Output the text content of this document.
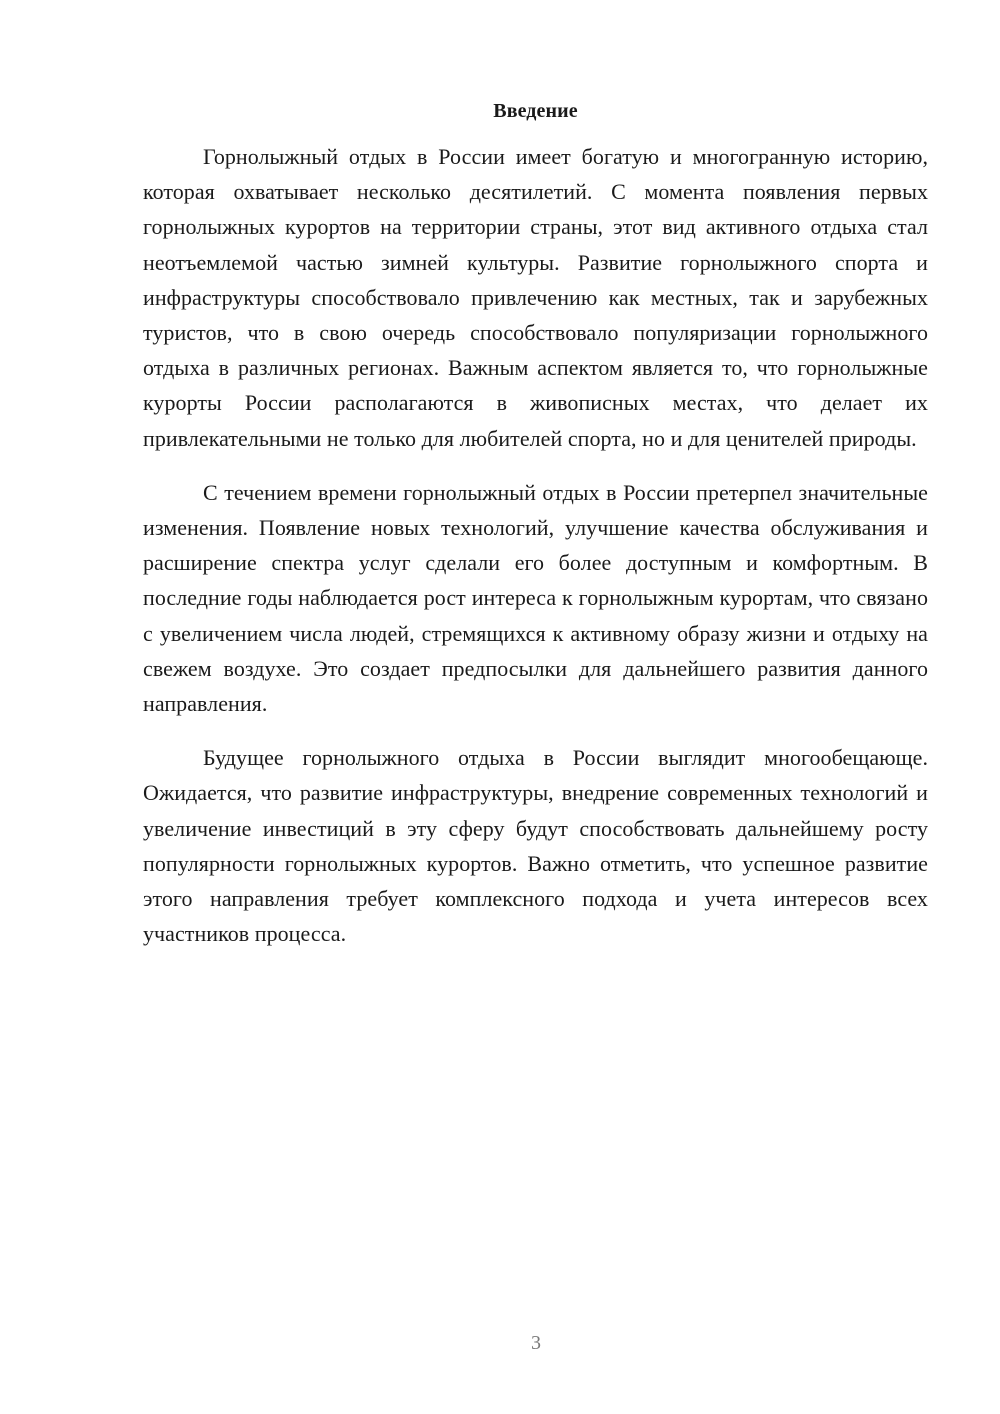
Введение

Горнолыжный отдых в России имеет богатую и многогранную историю, которая охватывает несколько десятилетий. С момента появления первых горнолыжных курортов на территории страны, этот вид активного отдыха стал неотъемлемой частью зимней культуры. Развитие горнолыжного спорта и инфраструктуры способствовало привлечению как местных, так и зарубежных туристов, что в свою очередь способствовало популяризации горнолыжного отдыха в различных регионах. Важным аспектом является то, что горнолыжные курорты России располагаются в живописных местах, что делает их привлекательными не только для любителей спорта, но и для ценителей природы.

С течением времени горнолыжный отдых в России претерпел значительные изменения. Появление новых технологий, улучшение качества обслуживания и расширение спектра услуг сделали его более доступным и комфортным. В последние годы наблюдается рост интереса к горнолыжным курортам, что связано с увеличением числа людей, стремящихся к активному образу жизни и отдыху на свежем воздухе. Это создает предпосылки для дальнейшего развития данного направления.

Будущее горнолыжного отдыха в России выглядит многообещающе. Ожидается, что развитие инфраструктуры, внедрение современных технологий и увеличение инвестиций в эту сферу будут способствовать дальнейшему росту популярности горнолыжных курортов. Важно отметить, что успешное развитие этого направления требует комплексного подхода и учета интересов всех участников процесса.

3
